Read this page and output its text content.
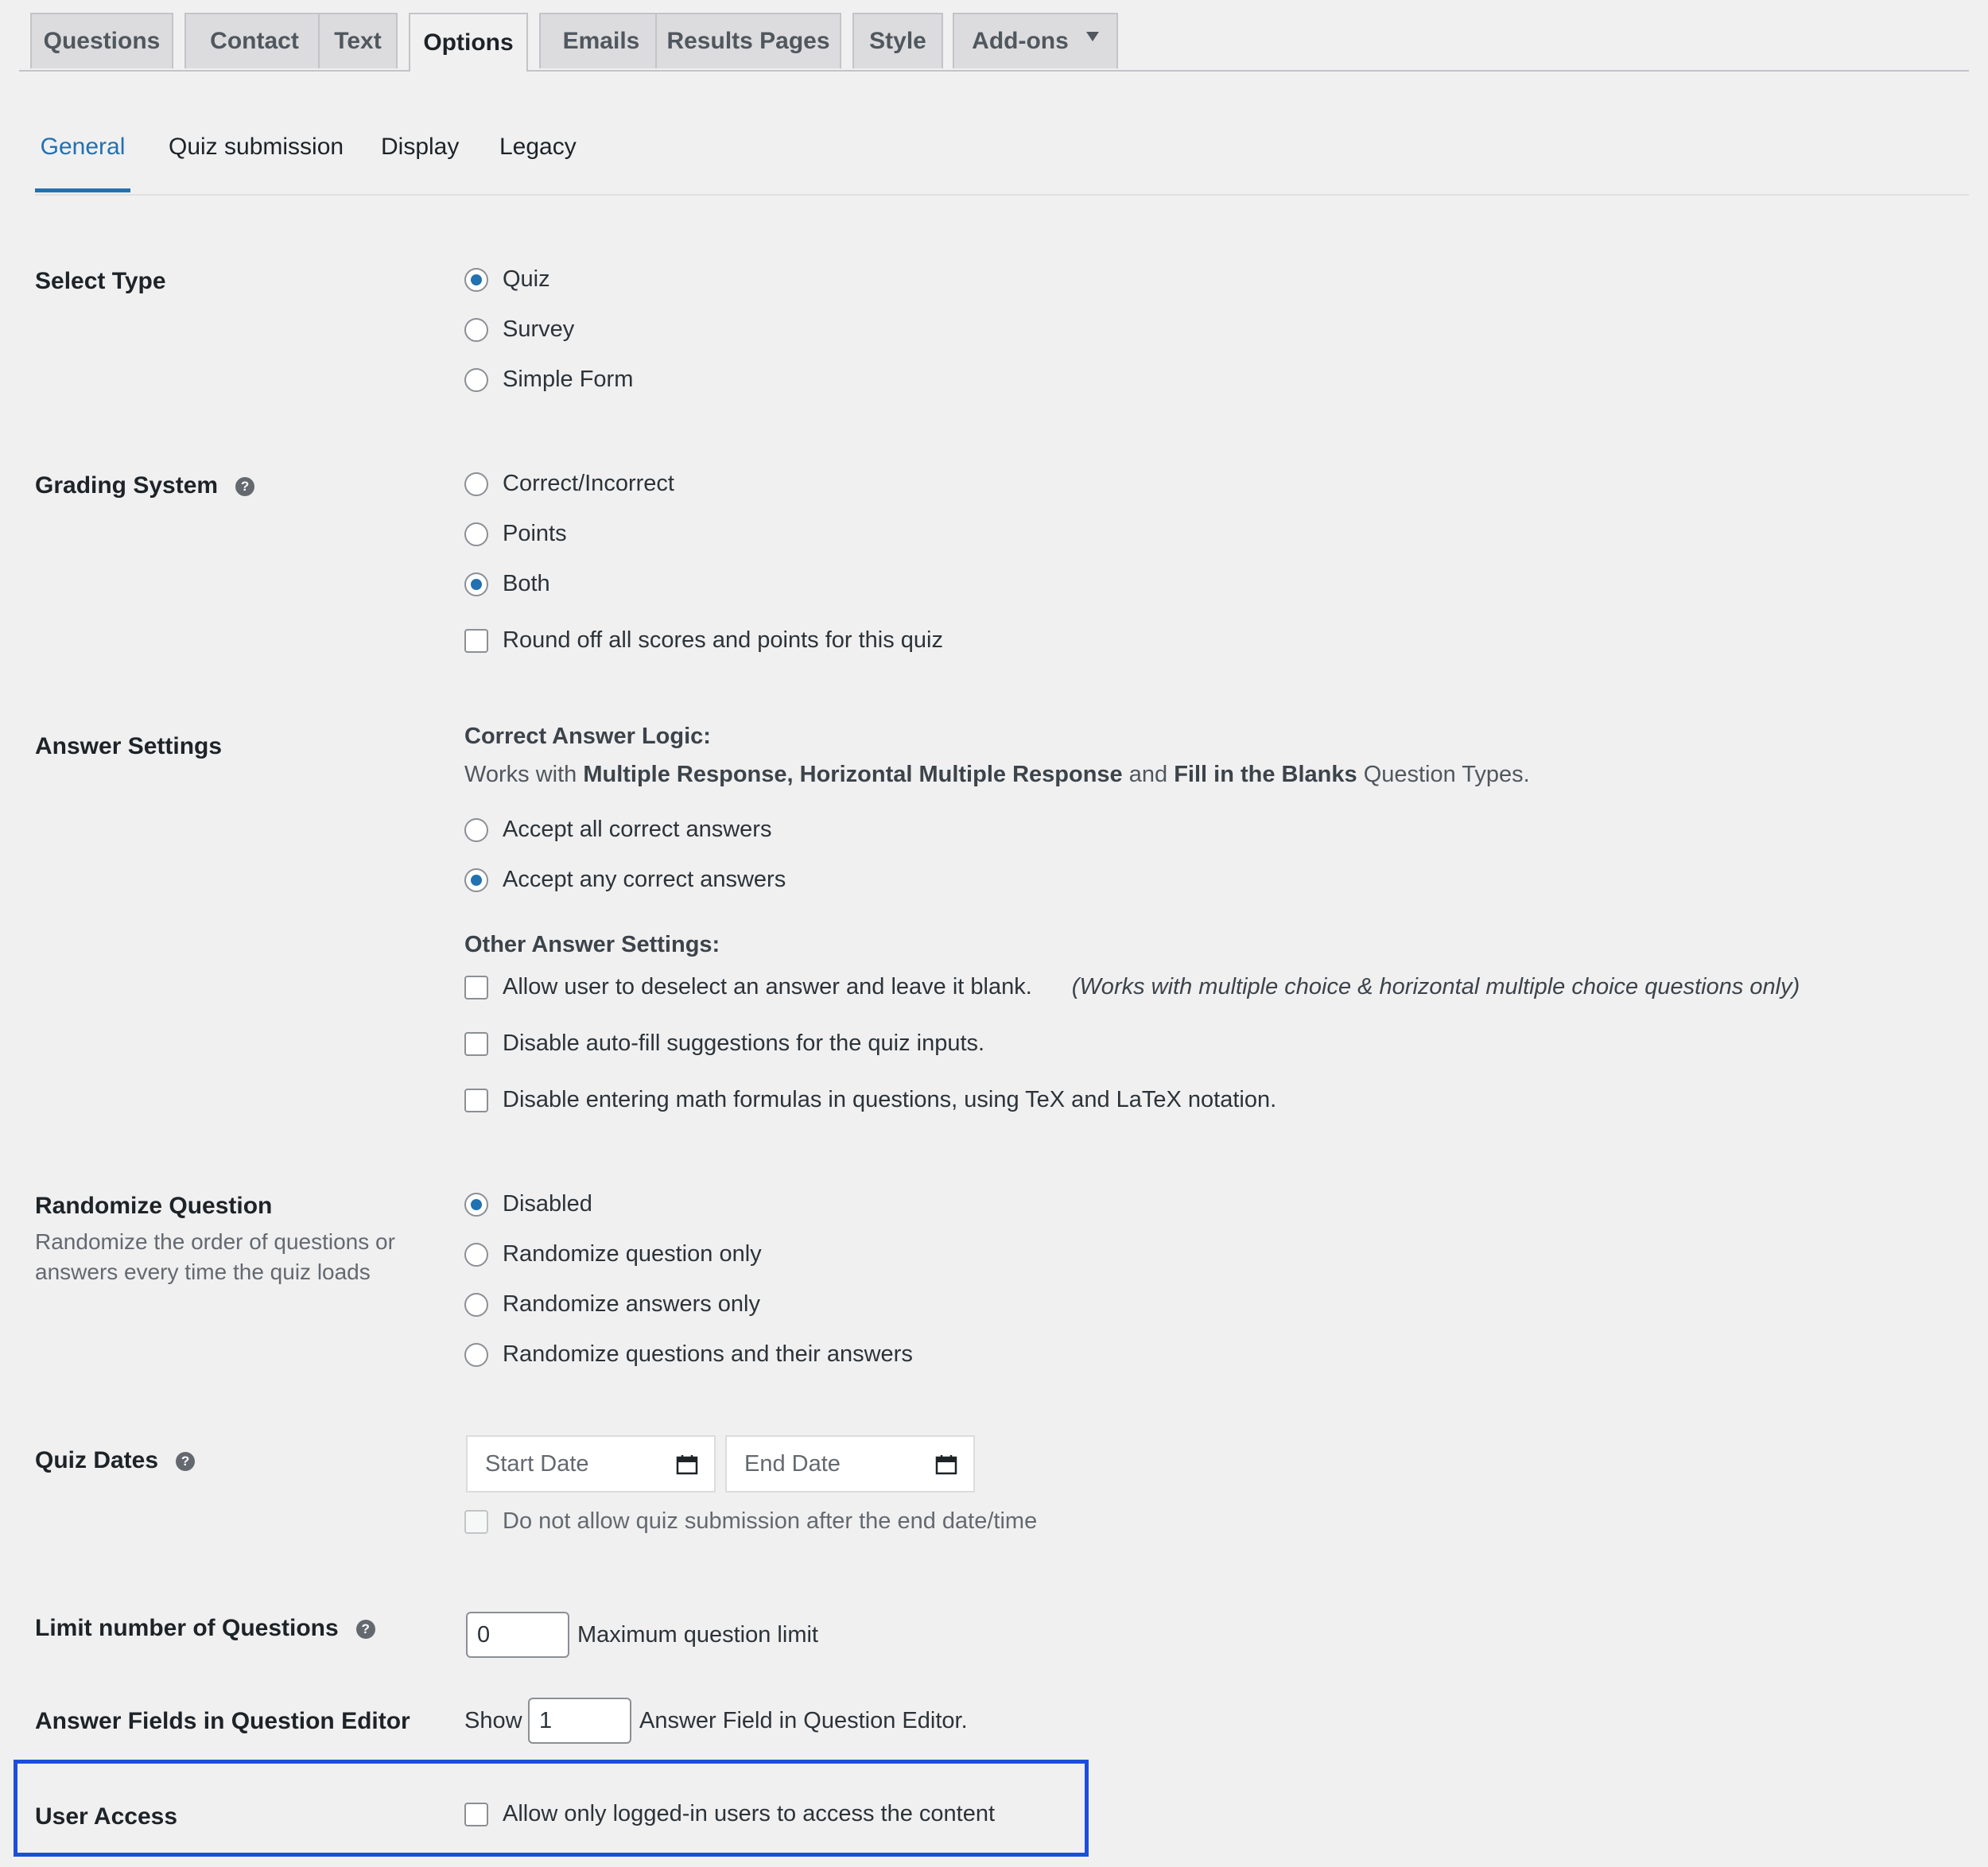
Questions	Contact	Text	Options	Emails	Results Pages	Style	Add-ons
General Quiz submission Display Legacy
Select Type	Quiz
Survey
Simple Form
Grading System ?	Correct/Incorrect
Points
Both
Round off all scores and points for this quiz
Answer Settings	Correct Answer Logic:
Works with Multiple Response, Horizontal Multiple Response and Fill in the Blanks Question Types.
Accept all correct answers
Accept any correct answers
Other Answer Settings:
Allow user to deselect an answer and leave it blank. (Works with multiple choice & horizontal multiple choice questions only)
Disable auto-fill suggestions for the quiz inputs.
Disable entering math formulas in questions, using TeX and LaTeX notation.
Randomize Question
Randomize the order of questions or answers every time the quiz loads
Disabled
Randomize question only
Randomize answers only
Randomize questions and their answers
Quiz Dates ?	Start Date	End Date
Do not allow quiz submission after the end date/time
Limit number of Questions ?	0	Maximum question limit
Answer Fields in Question Editor Show 1	Answer Field in Question Editor.
User Access	Allow only logged-in users to access the content
